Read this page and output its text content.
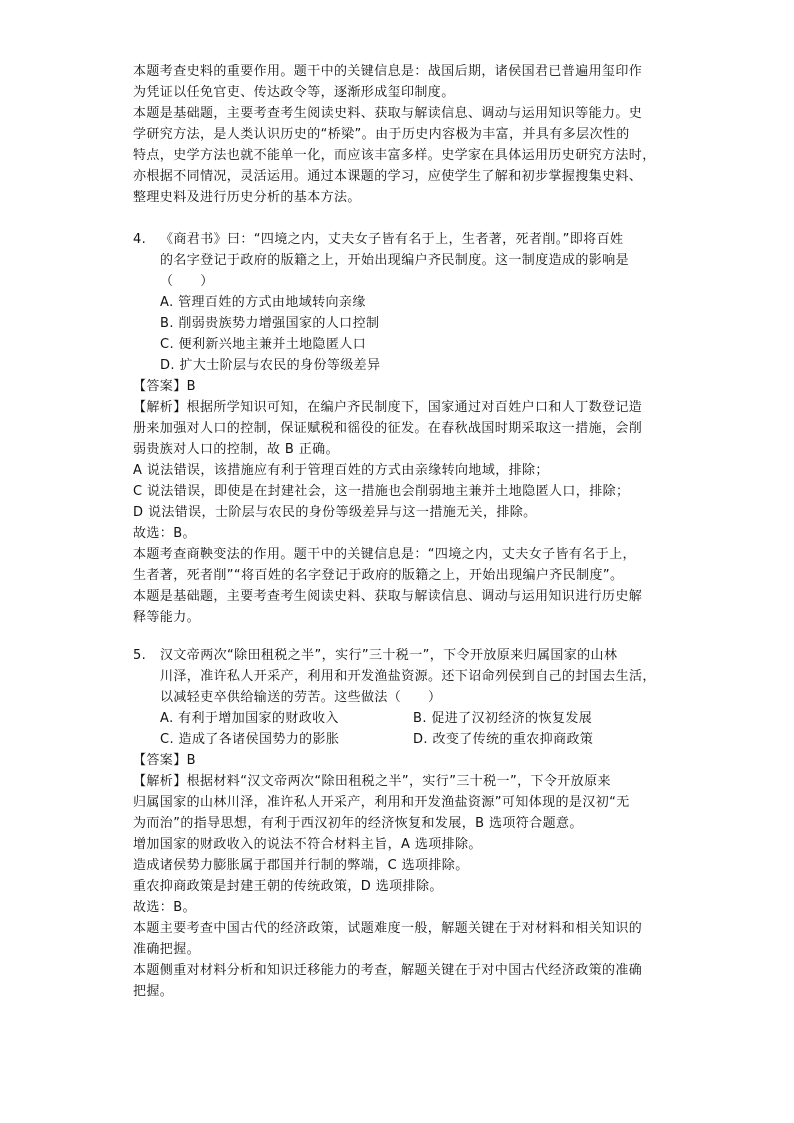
本题考查史料的重要作用。题干中的关键信息是：战国后期，诸侯国君已普遍用玺印作
为凭证以任免官吏、传达政令等，逐渐形成玺印制度。
本题是基础题，主要考查考生阅读史料、获取与解读信息、调动与运用知识等能力。史
学研究方法，是人类认识历史的“桥梁”。由于历史内容极为丰富，并具有多层次性的
特点，史学方法也就不能单一化，而应该丰富多样。史学家在具体运用历史研究方法时，
亦根据不同情况，灵活运用。通过本课题的学习，应使学生了解和初步掌握搜集史料、
整理史料及进行历史分析的基本方法。
4. 《商君书》曰：“四境之内，丈夫女子皆有名于上，生者著，死者削。”即将百姓
的名字登记于政府的版籍之上，开始出现编户齐民制度。这一制度造成的影响是
（　　）
A. 管理百姓的方式由地域转向亲缘
B. 削弱贵族势力增强国家的人口控制
C. 便利新兴地主兼并土地隐匿人口
D. 扩大士阶层与农民的身份等级差异
【答案】B
【解析】根据所学知识可知，在编户齐民制度下，国家通过对百姓户口和人丁数登记造
册来加强对人口的控制，保证赋税和徭役的征发。在春秋战国时期采取这一措施，会削
弱贵族对人口的控制，故 B 正确。
A 说法错误，该措施应有利于管理百姓的方式由亲缘转向地域，排除；
C 说法错误，即使是在封建社会，这一措施也会削弱地主兼并土地隐匿人口，排除；
D 说法错误，士阶层与农民的身份等级差异与这一措施无关，排除。
故选：B。
本题考查商鞅变法的作用。题干中的关键信息是：“四境之内，丈夫女子皆有名于上，
生者著，死者削”“将百姓的名字登记于政府的版籍之上，开始出现编户齐民制度”。
本题是基础题，主要考查考生阅读史料、获取与解读信息、调动与运用知识进行历史解
释等能力。
5. 汉文帝两次“除田租税之半”，实行”三十税一”，下令开放原来归属国家的山林
川泽，准许私人开采产，利用和开发渔盐资源。还下诏命列侯到自己的封国去生活，
以减轻吏卒供给输送的劳苦。这些做法（　　）
A. 有利于增加国家的财政收入	B. 促进了汉初经济的恢复发展
C. 造成了各诸侯国势力的影胀	D. 改变了传统的重农抑商政策
【答案】B
【解析】根据材料“汉文帝两次“除田租税之半”，实行”三十税一”，下令开放原来
归属国家的山林川泽，准许私人开采产，利用和开发渔盐资源”可知体现的是汉初“无
为而治”的指导思想，有利于西汉初年的经济恢复和发展，B 选项符合题意。
增加国家的财政收入的说法不符合材料主旨，A 选项排除。
造成诸侯势力膨胀属于郡国并行制的弊端，C 选项排除。
重农抑商政策是封建王朝的传统政策，D 选项排除。
故选：B。
本题主要考查中国古代的经济政策，试题难度一般，解题关键在于对材料和相关知识的
准确把握。
本题侧重对材料分析和知识迁移能力的考查，解题关键在于对中国古代经济政策的准确
把握。
